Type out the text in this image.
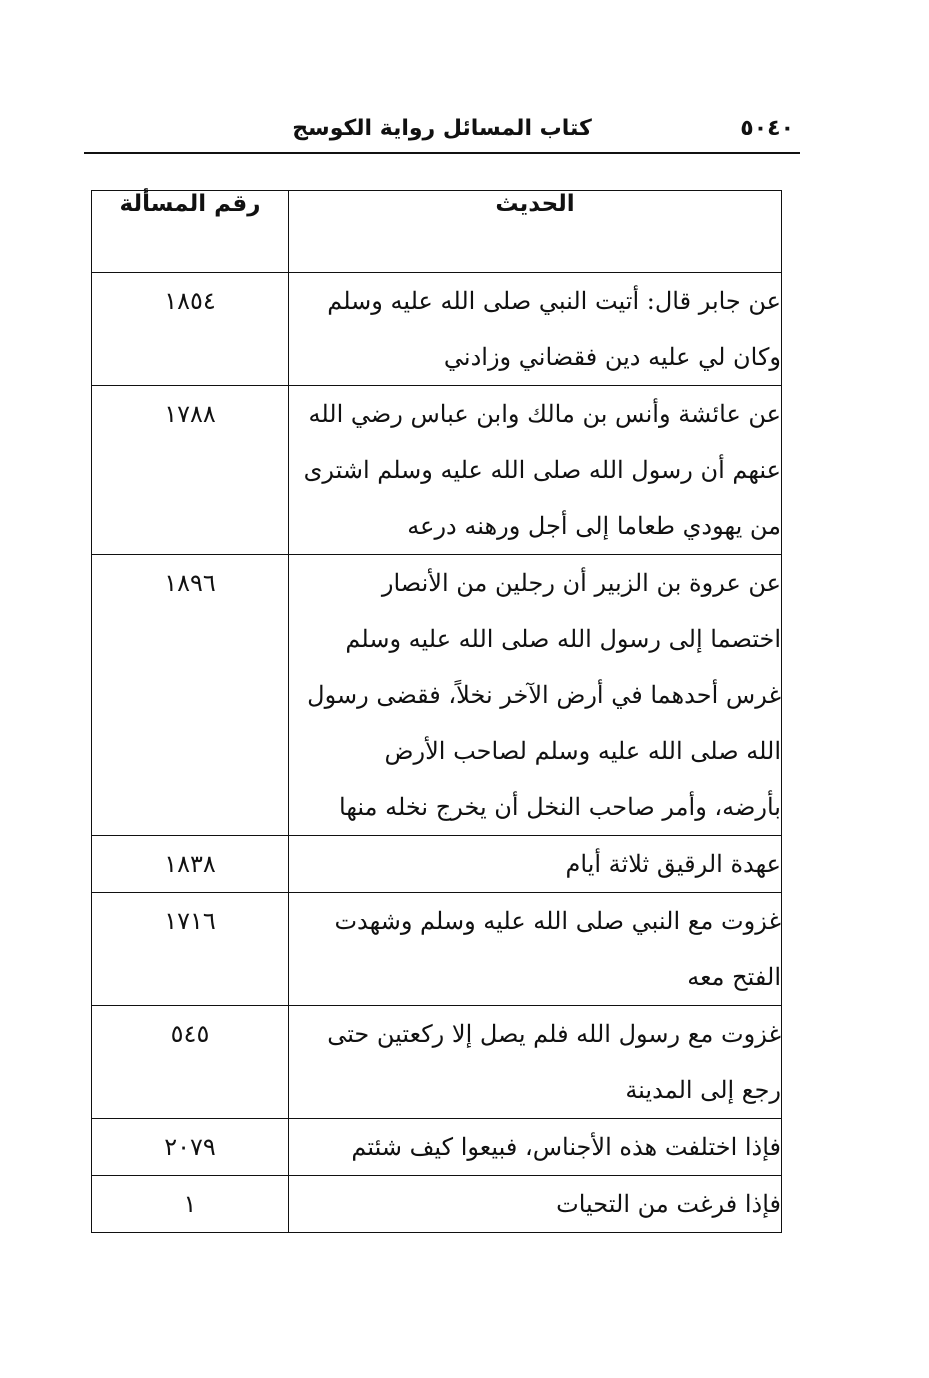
٥٠٤٠
كتاب المسائل رواية الكوسج
الحديث	رقم المسألة

عن جابر قال: أتيت النبي صلى الله عليه وسلم
وكان لي عليه دين فقضاني وزادني	١٨٥٤

عن عائشة وأنس بن مالك وابن عباس رضي الله
عنهم أن رسول الله صلى الله عليه وسلم اشترى
من يهودي طعاما إلى أجل ورهنه درعه	١٧٨٨

عن عروة بن الزبير أن رجلين من الأنصار
اختصما إلى رسول الله صلى الله عليه وسلم
غرس أحدهما في أرض الآخر نخلاً، فقضى رسول
الله صلى الله عليه وسلم لصاحب الأرض
بأرضه، وأمر صاحب النخل أن يخرج نخله منها	١٨٩٦

عهدة الرقيق ثلاثة أيام	١٨٣٨

غزوت مع النبي صلى الله عليه وسلم وشهدت
الفتح معه	١٧١٦

غزوت مع رسول الله فلم يصل إلا ركعتين حتى
رجع إلى المدينة	٥٤٥

فإذا اختلفت هذه الأجناس، فبيعوا كيف شئتم	٢٠٧٩

فإذا فرغت من التحيات	١
